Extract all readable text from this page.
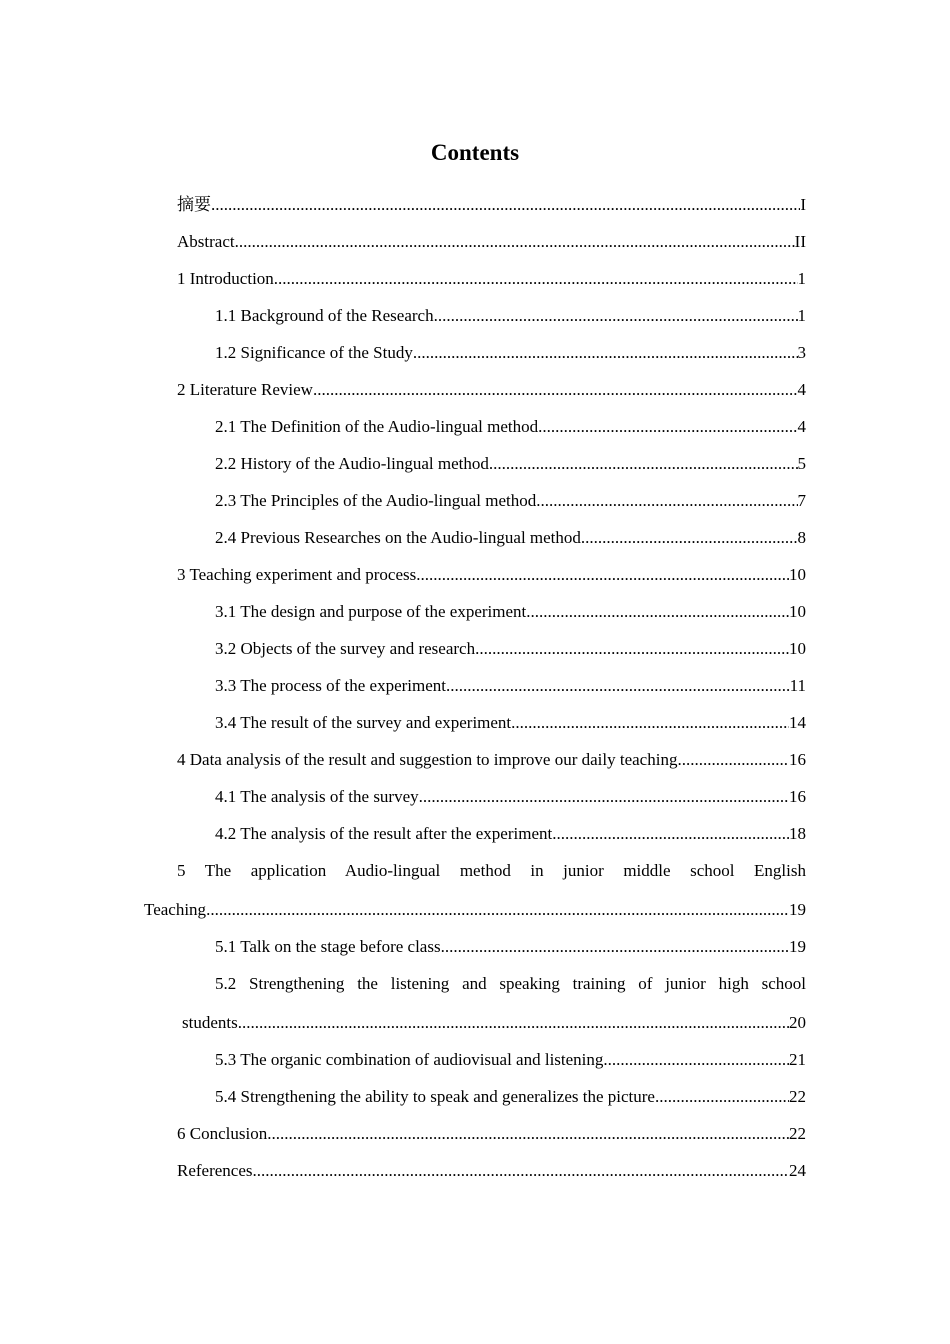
Contents
摘要 .....	I
Abstract .....	II
1 Introduction .....	1
1.1 Background of the Research .....	1
1.2 Significance of the Study .....	3
2 Literature Review .....	4
2.1 The Definition of the Audio-lingual method .....	4
2.2 History of the Audio-lingual method .....	5
2.3 The Principles of the Audio-lingual method .....	7
2.4 Previous Researches on the Audio-lingual method .....	8
3 Teaching experiment and process .....	10
3.1 The design and purpose of the experiment .....	10
3.2 Objects of the survey and research .....	10
3.3 The process of the experiment .....	11
3.4 The result of the survey and experiment .....	14
4 Data analysis of the result and suggestion to improve our daily teaching .....	16
4.1 The analysis of the survey .....	16
4.2 The analysis of the result after the experiment .....	18
5 The application Audio-lingual method in junior middle school English
Teaching .....	19
5.1 Talk on the stage before class .....	19
5.2 Strengthening the listening and speaking training of junior high school
students .....	20
5.3 The organic combination of audiovisual and listening .....	21
5.4 Strengthening the ability to speak and generalizes the picture .....	22
6 Conclusion .....	22
References .....	24
